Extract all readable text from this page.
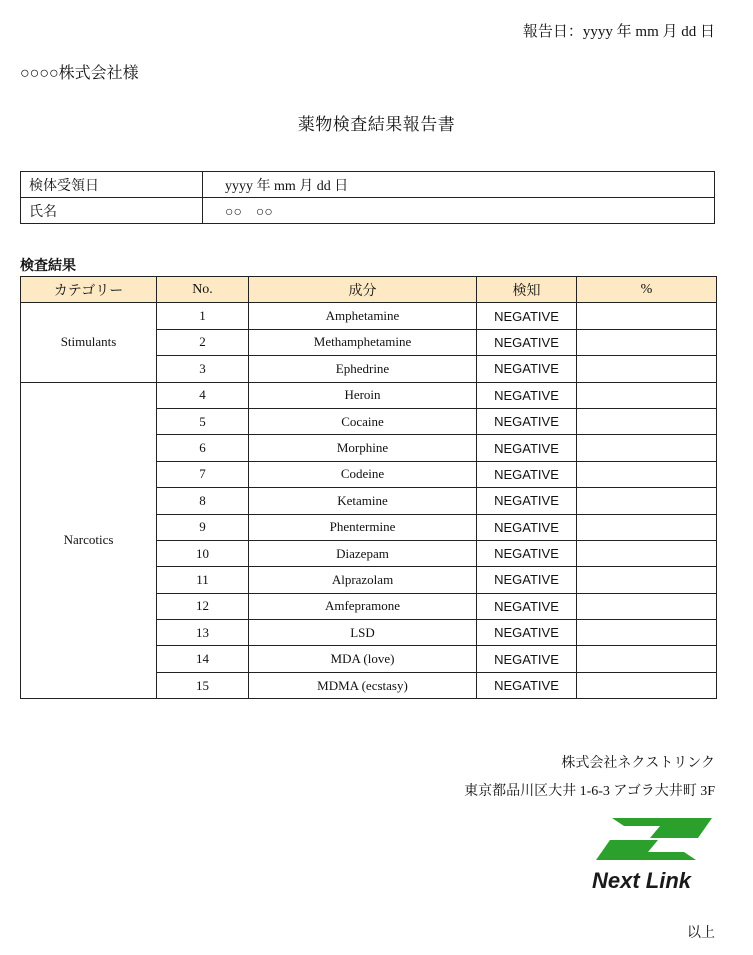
報告日：yyyy 年 mm 月 dd 日
○○○○株式会社様
薬物検査結果報告書
検体受領日	yyyy 年 mm 月 dd 日
氏名	○○　○○
検査結果
カテゴリー	No.	成分	検知	%
Stimulants	1	Amphetamine	NEGATIVE	
	2	Methamphetamine	NEGATIVE	
	3	Ephedrine	NEGATIVE	
Narcotics	4	Heroin	NEGATIVE	
	5	Cocaine	NEGATIVE	
	6	Morphine	NEGATIVE	
	7	Codeine	NEGATIVE	
	8	Ketamine	NEGATIVE	
	9	Phentermine	NEGATIVE	
	10	Diazepam	NEGATIVE	
	11	Alprazolam	NEGATIVE	
	12	Amfepramone	NEGATIVE	
	13	LSD	NEGATIVE	
	14	MDA (love)	NEGATIVE	
	15	MDMA (ecstasy)	NEGATIVE	
株式会社ネクストリンク
東京都品川区大井 1-6-3 アゴラ大井町 3F
Next Link
以上
